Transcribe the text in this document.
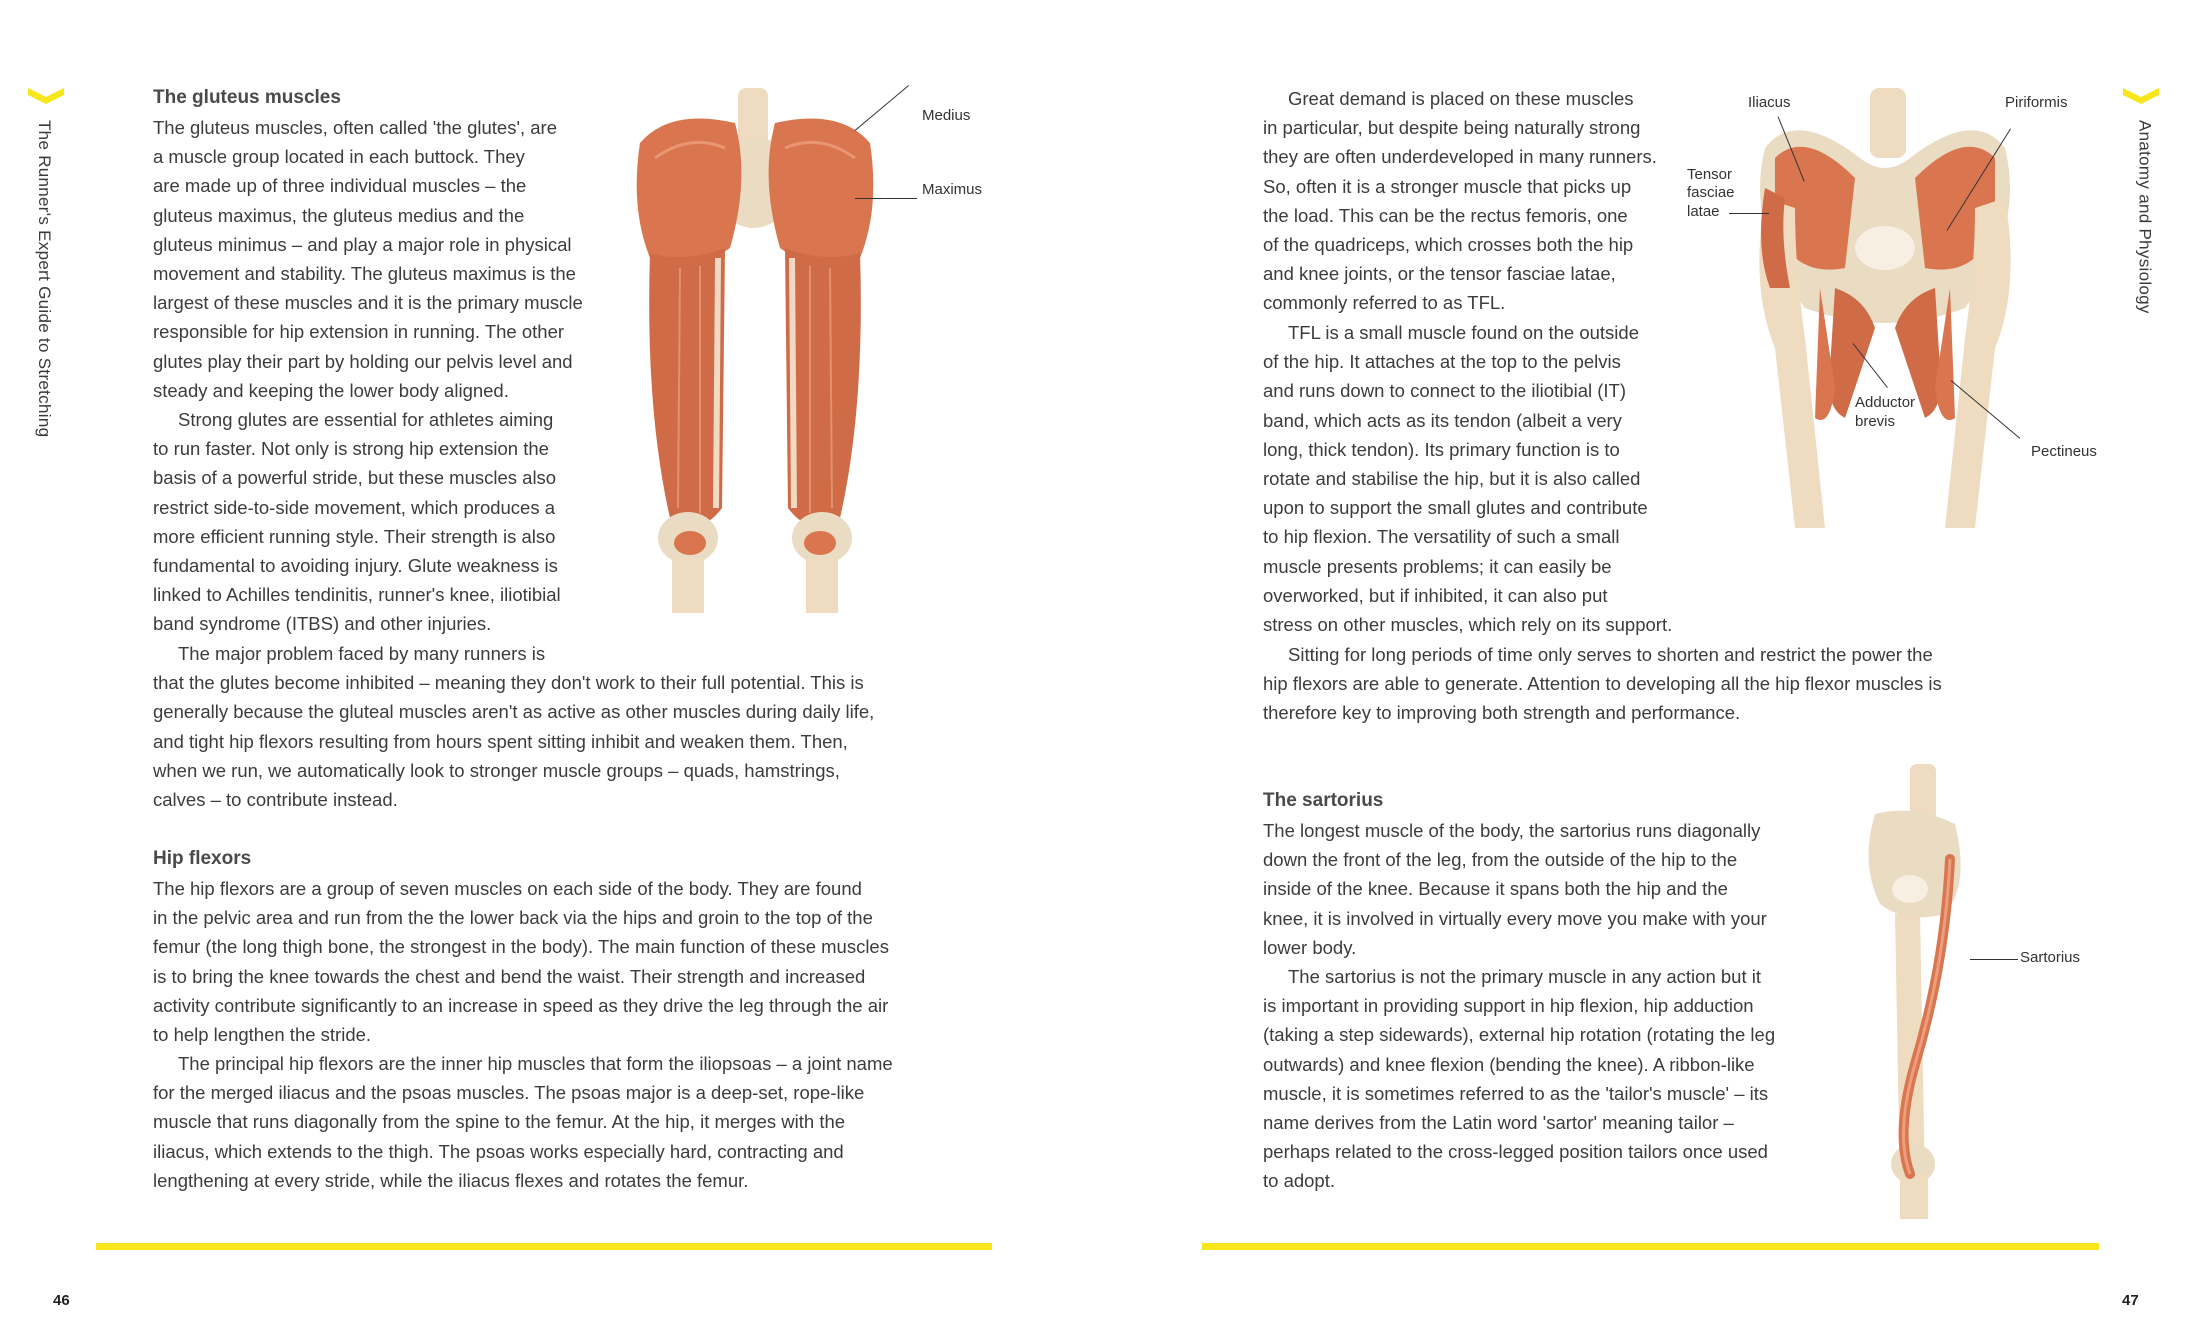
The Runner's Expert Guide to Stretching
The gluteus muscles

The gluteus muscles, often called 'the glutes', are

a muscle group located in each buttock. They

are made up of three individual muscles – the

gluteus maximus, the gluteus medius and the

gluteus minimus – and play a major role in physical

movement and stability. The gluteus maximus is the

largest of these muscles and it is the primary muscle

responsible for hip extension in running. The other

glutes play their part by holding our pelvis level and

steady and keeping the lower body aligned.

Strong glutes are essential for athletes aiming

to run faster. Not only is strong hip extension the

basis of a powerful stride, but these muscles also

restrict side-to-side movement, which produces a

more efficient running style. Their strength is also

fundamental to avoiding injury. Glute weakness is

linked to Achilles tendinitis, runner's knee, iliotibial

band syndrome (ITBS) and other injuries.

The major problem faced by many runners is

that the glutes become inhibited – meaning they don't work to their full potential. This is

generally because the gluteal muscles aren't as active as other muscles during daily life,

and tight hip flexors resulting from hours spent sitting inhibit and weaken them. Then,

when we run, we automatically look to stronger muscle groups – quads, hamstrings,

calves – to contribute instead.

Medius
Maximus
Hip flexors

The hip flexors are a group of seven muscles on each side of the body. They are found

in the pelvic area and run from the the lower back via the hips and groin to the top of the

femur (the long thigh bone, the strongest in the body). The main function of these muscles

is to bring the knee towards the chest and bend the waist. Their strength and increased

activity contribute significantly to an increase in speed as they drive the leg through the air

to help lengthen the stride.

The principal hip flexors are the inner hip muscles that form the iliopsoas – a joint name

for the merged iliacus and the psoas muscles. The psoas major is a deep-set, rope-like

muscle that runs diagonally from the spine to the femur. At the hip, it merges with the

iliacus, which extends to the thigh. The psoas works especially hard, contracting and

lengthening at every stride, while the iliacus flexes and rotates the femur.

46
Anatomy and Physiology

Great demand is placed on these muscles

in particular, but despite being naturally strong

they are often underdeveloped in many runners.

So, often it is a stronger muscle that picks up

the load. This can be the rectus femoris, one

of the quadriceps, which crosses both the hip

and knee joints, or the tensor fasciae latae,

commonly referred to as TFL.

TFL is a small muscle found on the outside

of the hip. It attaches at the top to the pelvis

and runs down to connect to the iliotibial (IT)

band, which acts as its tendon (albeit a very

long, thick tendon). Its primary function is to

rotate and stabilise the hip, but it is also called

upon to support the small glutes and contribute

to hip flexion. The versatility of such a small

muscle presents problems; it can easily be

overworked, but if inhibited, it can also put

stress on other muscles, which rely on its support.

Sitting for long periods of time only serves to shorten and restrict the power the

hip flexors are able to generate. Attention to developing all the hip flexor muscles is

therefore key to improving both strength and performance.

Iliacus	Piriformis
Tensor
fasciae
latae
Adductor
brevis
Pectineus
The sartorius

The longest muscle of the body, the sartorius runs diagonally

down the front of the leg, from the outside of the hip to the

inside of the knee. Because it spans both the hip and the

knee, it is involved in virtually every move you make with your

lower body.

The sartorius is not the primary muscle in any action but it

is important in providing support in hip flexion, hip adduction

(taking a step sidewards), external hip rotation (rotating the leg

outwards) and knee flexion (bending the knee). A ribbon-like

muscle, it is sometimes referred to as the 'tailor's muscle' – its

name derives from the Latin word 'sartor' meaning tailor –

perhaps related to the cross-legged position tailors once used

to adopt.

Sartorius
47
